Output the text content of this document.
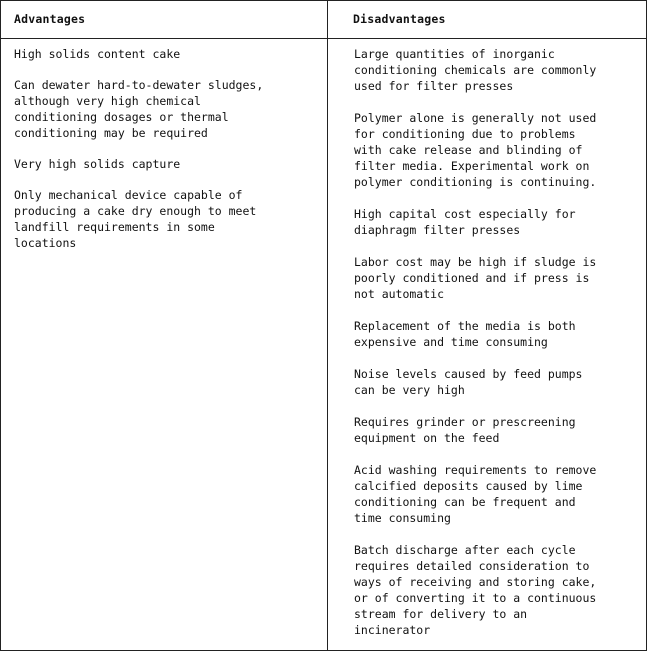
Advantages	Disadvantages

High solids content cake

Can dewater hard-to-dewater sludges,
although very high chemical
conditioning dosages or thermal
conditioning may be required

Very high solids capture

Only mechanical device capable of
producing a cake dry enough to meet
landfill requirements in some
locations

Large quantities of inorganic
conditioning chemicals are commonly
used for filter presses

Polymer alone is generally not used
for conditioning due to problems
with cake release and blinding of
filter media. Experimental work on
polymer conditioning is continuing.

High capital cost especially for
diaphragm filter presses

Labor cost may be high if sludge is
poorly conditioned and if press is
not automatic

Replacement of the media is both
expensive and time consuming

Noise levels caused by feed pumps
can be very high

Requires grinder or prescreening
equipment on the feed

Acid washing requirements to remove
calcified deposits caused by lime
conditioning can be frequent and
time consuming

Batch discharge after each cycle
requires detailed consideration to
ways of receiving and storing cake,
or of converting it to a continuous
stream for delivery to an
incinerator
